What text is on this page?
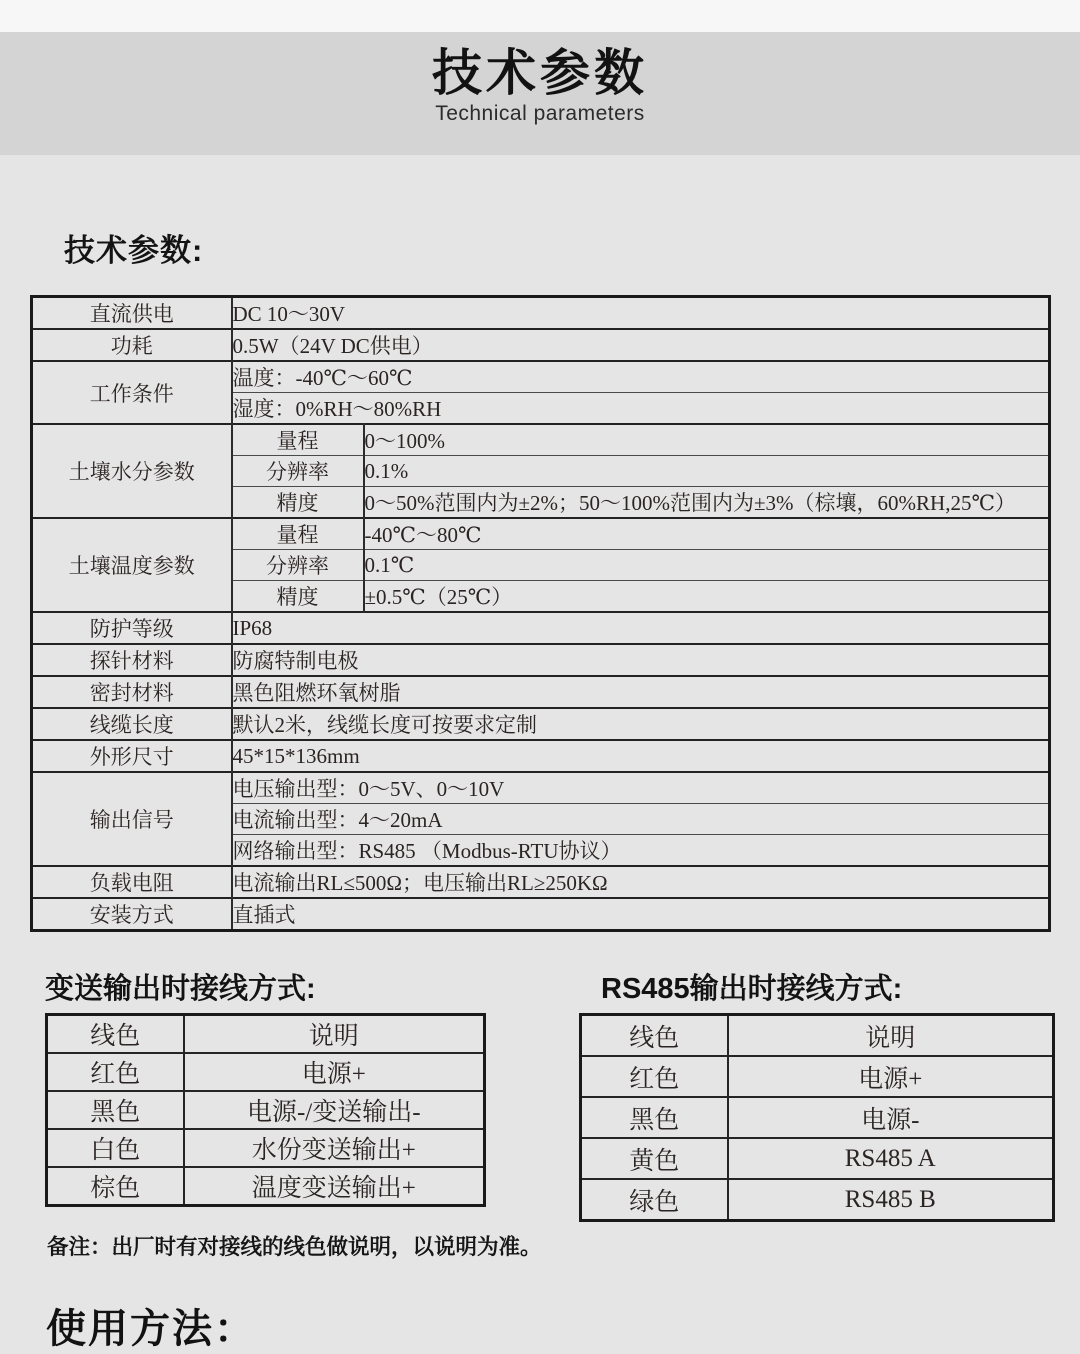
技术参数
Technical parameters
技术参数:
直流供电	DC 10～30V	
功耗	0.5W（24V DC供电）	
工作条件	温度：-40℃～60℃	
	湿度：0%RH～80%RH	
土壤水分参数	量程	0～100%
	分辨率	0.1%
	精度	0～50%范围内为±2%；50～100%范围内为±3%（棕壤，60%RH,25℃）
土壤温度参数	量程	-40℃～80℃
	分辨率	0.1℃
	精度	±0.5℃（25℃）
防护等级	IP68	
探针材料	防腐特制电极	
密封材料	黑色阻燃环氧树脂	
线缆长度	默认2米，线缆长度可按要求定制	
外形尺寸	45*15*136mm	
输出信号	电压输出型：0～5V、0～10V	
	电流输出型：4～20mA	
	网络输出型：RS485 （Modbus-RTU协议）	
负载电阻	电流输出RL≤500Ω；电压输出RL≥250KΩ	
安装方式	直插式	
变送输出时接线方式:
线色	说明
红色	电源+
黑色	电源-/变送输出-
白色	水份变送输出+
棕色	温度变送输出+
RS485输出时接线方式:
线色	说明
红色	电源+
黑色	电源-
黄色	RS485 A
绿色	RS485 B
备注：出厂时有对接线的线色做说明，以说明为准。
使用方法：
